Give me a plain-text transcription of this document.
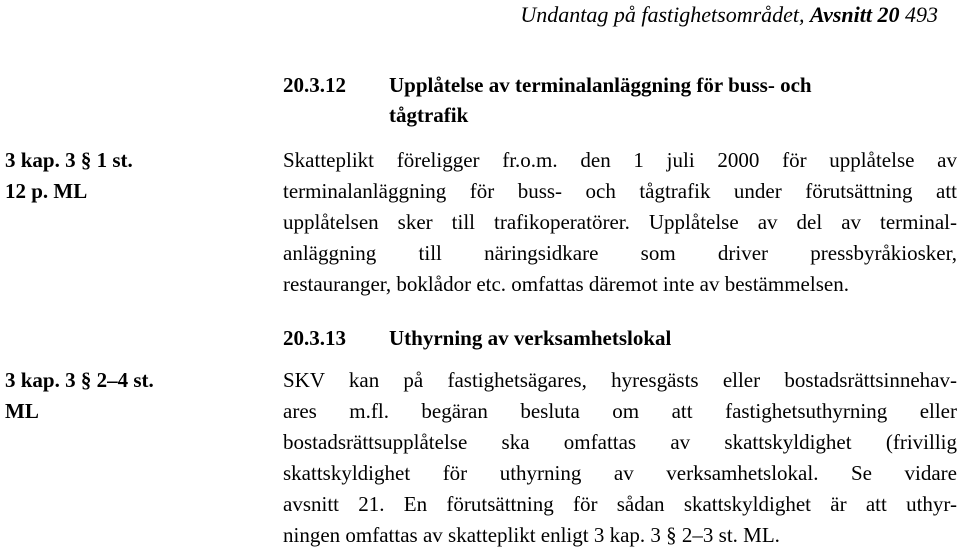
Undantag på fastighetsområdet, Avsnitt 20 493
20.3.12 Upplåtelse av terminalanläggning för buss- och
tågtrafik
3 kap. 3 § 1 st.
12 p. ML
Skatteplikt föreligger fr.o.m. den 1 juli 2000 för upplåtelse av
terminalanläggning för buss- och tågtrafik under förutsättning att
upplåtelsen sker till trafikoperatörer. Upplåtelse av del av terminal-
anläggning till näringsidkare som driver pressbyråkiosker,
restauranger, boklådor etc. omfattas däremot inte av bestämmelsen.
20.3.13 Uthyrning av verksamhetslokal
3 kap. 3 § 2–4 st.
ML
SKV kan på fastighetsägares, hyresgästs eller bostadsrättsinnehav-
ares m.fl. begäran besluta om att fastighetsuthyrning eller
bostadsrättsupplåtelse ska omfattas av skattskyldighet (frivillig
skattskyldighet för uthyrning av verksamhetslokal. Se vidare
avsnitt 21. En förutsättning för sådan skattskyldighet är att uthyr-
ningen omfattas av skatteplikt enligt 3 kap. 3 § 2–3 st. ML.
